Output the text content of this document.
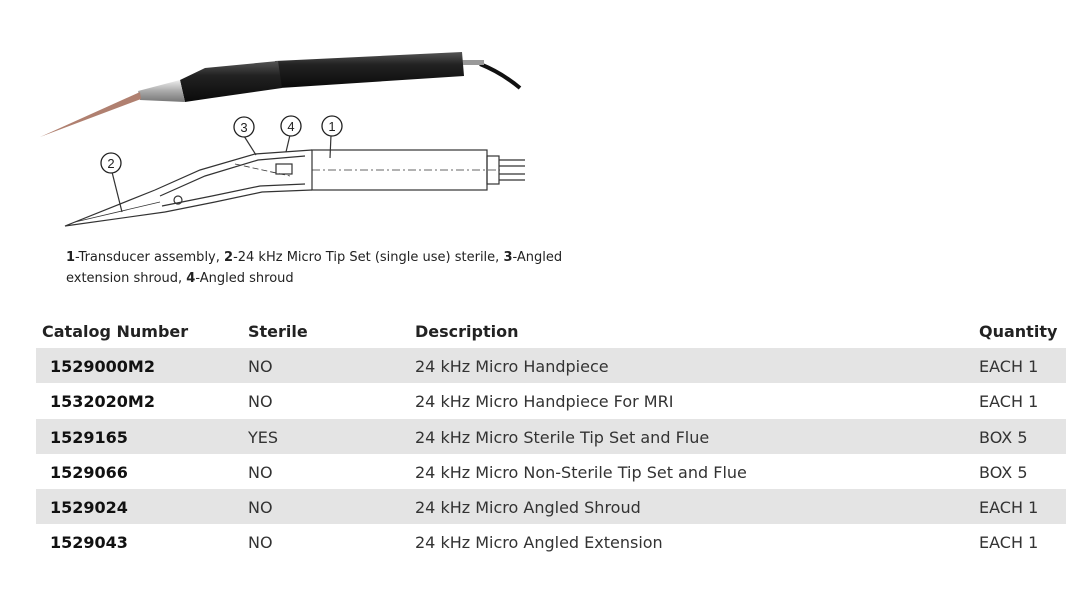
1
2
3	4
1-Transducer assembly, 2-24 kHz Micro Tip Set (single use) sterile, 3-Angled extension shroud, 4-Angled shroud
Catalog Number	Sterile	Description	Quantity
1529000M2	NO	24 kHz Micro Handpiece	EACH 1
1532020M2	NO	24 kHz Micro Handpiece For MRI	EACH 1
1529165	YES	24 kHz Micro Sterile Tip Set and Flue	BOX 5
1529066	NO	24 kHz Micro Non-Sterile Tip Set and Flue	BOX 5
1529024	NO	24 kHz Micro Angled Shroud	EACH 1
1529043	NO	24 kHz Micro Angled Extension	EACH 1
